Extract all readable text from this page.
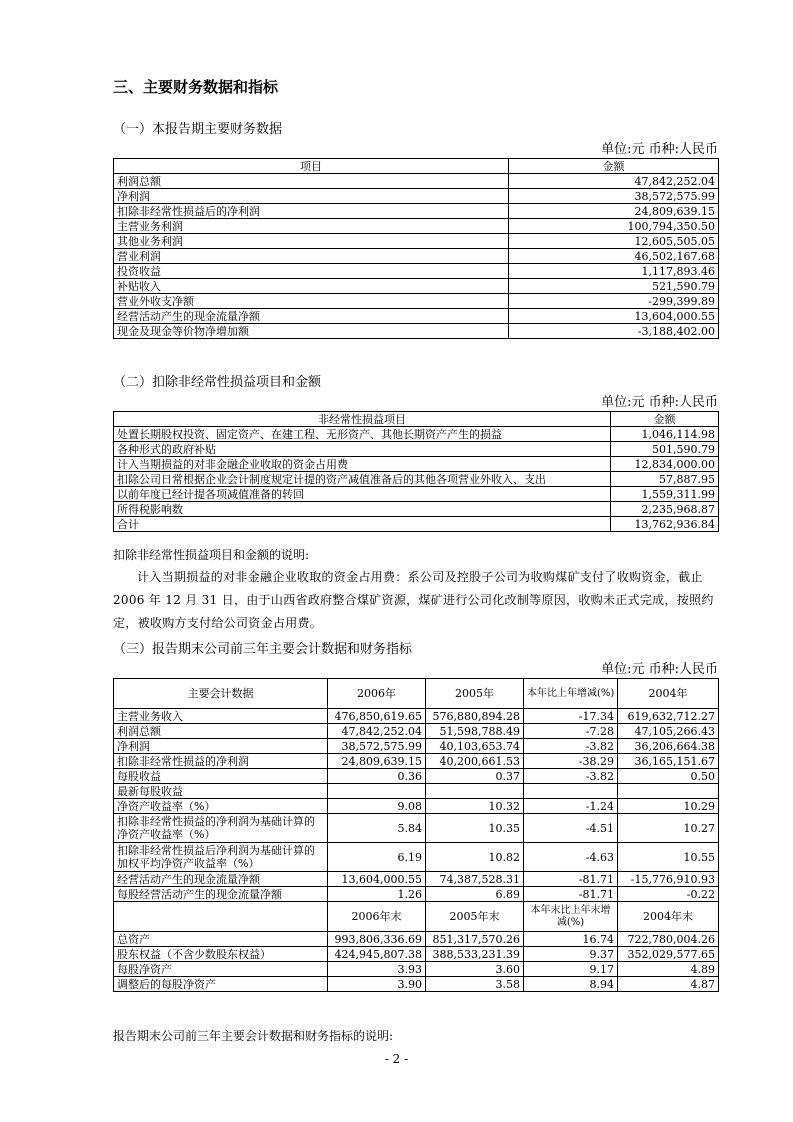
三、主要财务数据和指标
（一）本报告期主要财务数据
单位:元 币种:人民币
项目	金额
利润总额	47,842,252.04
净利润	38,572,575.99
扣除非经常性损益后的净利润	24,809,639.15
主营业务利润	100,794,350.50
其他业务利润	12,605,505.05
营业利润	46,502,167.68
投资收益	1,117,893.46
补贴收入	521,590.79
营业外收支净额	-299,399.89
经营活动产生的现金流量净额	13,604,000.55
现金及现金等价物净增加额	-3,188,402.00
（二）扣除非经常性损益项目和金额
单位:元 币种:人民币
非经常性损益项目	金额
处置长期股权投资、固定资产、在建工程、无形资产、其他长期资产产生的损益	1,046,114.98
各种形式的政府补贴	501,590.79
计入当期损益的对非金融企业收取的资金占用费	12,834,000.00
扣除公司日常根据企业会计制度规定计提的资产减值准备后的其他各项营业外收入、支出	57,887.95
以前年度已经计提各项减值准备的转回	1,559,311.99
所得税影响数	2,235,968.87
合计	13,762,936.84
扣除非经常性损益项目和金额的说明:
计入当期损益的对非金融企业收取的资金占用费：系公司及控股子公司为收购煤矿支付了收购资金，截止 2006 年 12 月 31 日，由于山西省政府整合煤矿资源，煤矿进行公司化改制等原因，收购未正式完成，按照约定，被收购方支付给公司资金占用费。
（三）报告期末公司前三年主要会计数据和财务指标
单位:元 币种:人民币
主要会计数据	2006年	2005年	本年比上年增减(%)	2004年
主营业务收入	476,850,619.65	576,880,894.28	-17.34	619,632,712.27
利润总额	47,842,252.04	51,598,788.49	-7.28	47,105,266.43
净利润	38,572,575.99	40,103,653.74	-3.82	36,206,664.38
扣除非经常性损益的净利润	24,809,639.15	40,200,661.53	-38.29	36,165,151.67
每股收益	0.36	0.37	-3.82	0.50
最新每股收益				
净资产收益率（%）	9.08	10.32	-1.24	10.29
扣除非经常性损益的净利润为基础计算的净资产收益率（%）	5.84	10.35	-4.51	10.27
扣除非经常性损益后净利润为基础计算的加权平均净资产收益率（%）	6.19	10.82	-4.63	10.55
经营活动产生的现金流量净额	13,604,000.55	74,387,528.31	-81.71	-15,776,910.93
每股经营活动产生的现金流量净额	1.26	6.89	-81.71	-0.22
	2006年末	2005年末	本年末比上年末增减(%)	2004年末
总资产	993,806,336.69	851,317,570.26	16.74	722,780,004.26
股东权益（不含少数股东权益）	424,945,807.38	388,533,231.39	9.37	352,029,577.65
每股净资产	3.93	3.60	9.17	4.89
调整后的每股净资产	3.90	3.58	8.94	4.87
报告期末公司前三年主要会计数据和财务指标的说明:
- 2 -
